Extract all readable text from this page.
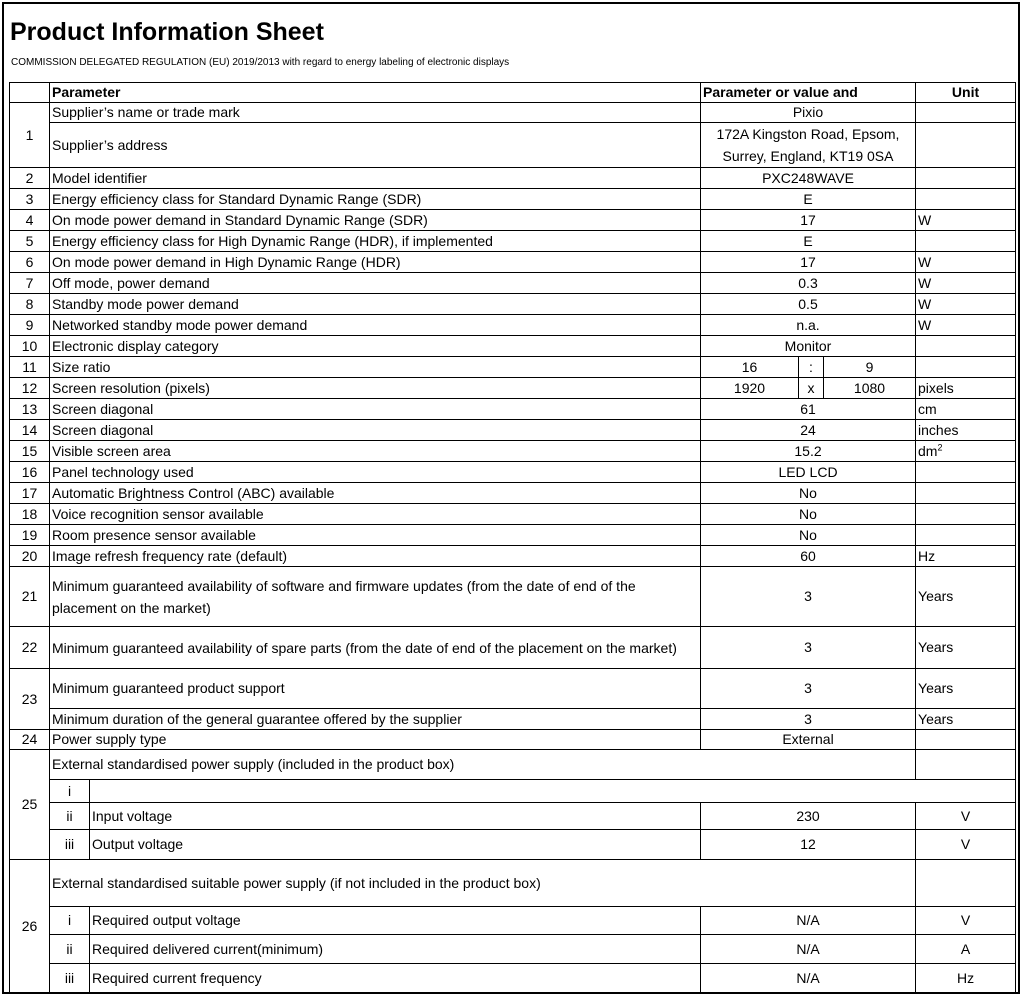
Product Information Sheet
COMMISSION DELEGATED REGULATION (EU) 2019/2013 with regard to energy labeling of electronic displays
	Parameter		Parameter or value and			Unit
1	Supplier’s name or trade mark		Pixio			
	Supplier’s address		172A Kingston Road, Epsom, Surrey, England, KT19 0SA			
2	Model identifier		PXC248WAVE			
3	Energy efficiency class for Standard Dynamic Range (SDR)		E			
4	On mode power demand in Standard Dynamic Range (SDR)		17			W
5	Energy efficiency class for High Dynamic Range (HDR), if implemented		E			
6	On mode power demand in High Dynamic Range (HDR)		17			W
7	Off mode, power demand		0.3			W
8	Standby mode power demand		0.5			W
9	Networked standby mode power demand		n.a.			W
10	Electronic display category		Monitor			
11	Size ratio		16	:	9	
12	Screen resolution (pixels)		1920	x	1080	pixels
13	Screen diagonal		61			cm
14	Screen diagonal		24			inches
15	Visible screen area		15.2			$dm^2$
16	Panel technology used		LED LCD			
17	Automatic Brightness Control (ABC) available		No			
18	Voice recognition sensor available		No			
19	Room presence sensor available		No			
20	Image refresh frequency rate (default)		60			Hz
21	Minimum guaranteed availability of software and firmware updates (from the date of end of the placement on the market)		3			Years
22	Minimum guaranteed availability of spare parts (from the date of end of the placement on the market)		3			Years
23	Minimum guaranteed product support		3			Years
	Minimum duration of the general guarantee offered by the supplier		3			Years
24	Power supply type		External			
25	External standardised power supply (included in the product box)					
	i					
	ii	Input voltage	230			V
	iii	Output voltage	12			V
26	External standardised suitable power supply (if not included in the product box)					
	i	Required output voltage	N/A			V
	ii	Required delivered current(minimum)	N/A			A
	iii	Required current frequency	N/A			Hz
